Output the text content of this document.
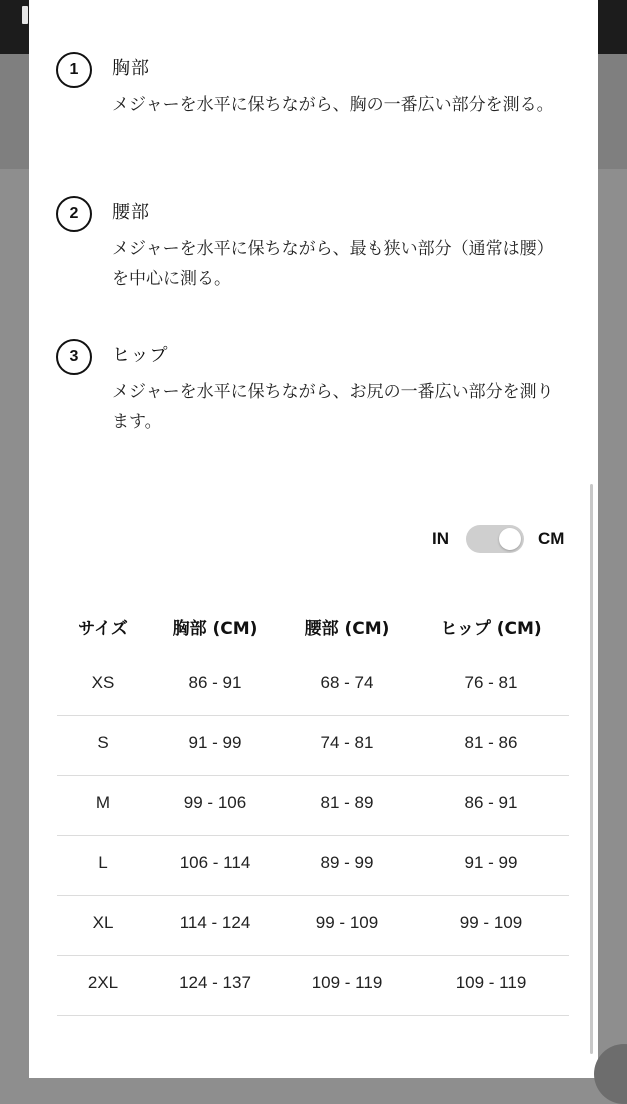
1	胸部
メジャーを水平に保ちながら、胸の一番広い部分を測る。
2	腰部
メジャーを水平に保ちながら、最も狭い部分（通常は腰）を中心に測る。
3	ヒップ
メジャーを水平に保ちながら、お尻の一番広い部分を測ります。
IN	CM
サイズ	胸部 (CM)	腰部 (CM)	ヒップ (CM)
XS	86 - 91	68 - 74	76 - 81
S	91 - 99	74 - 81	81 - 86
M	99 - 106	81 - 89	86 - 91
L	106 - 114	89 - 99	91 - 99
XL	114 - 124	99 - 109	99 - 109
2XL	124 - 137	109 - 119	109 - 119
